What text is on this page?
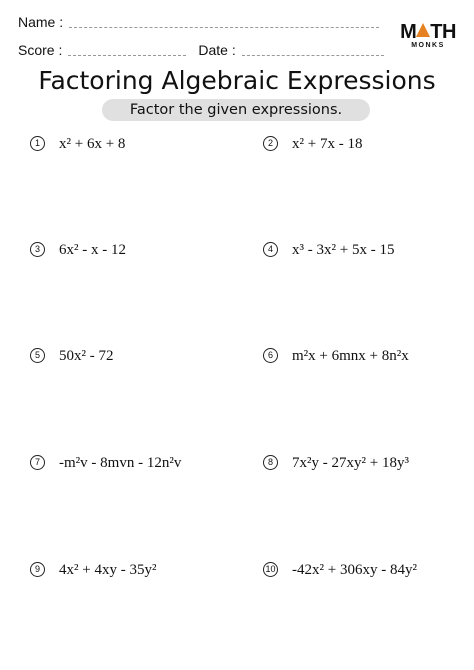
Name :
Score :	Date :
M TH
MONKS
Factoring Algebraic Expressions
Factor the given expressions.
1	x² + 6x + 8	2	x² + 7x - 18
3	6x² - x - 12	4	x³ - 3x² + 5x - 15
5	50x² - 72	6	m²x + 6mnx + 8n²x
7	-m²v - 8mvn - 12n²v	8	7x²y - 27xy² + 18y³
9	4x² + 4xy - 35y²	10 -42x² + 306xy - 84y²
